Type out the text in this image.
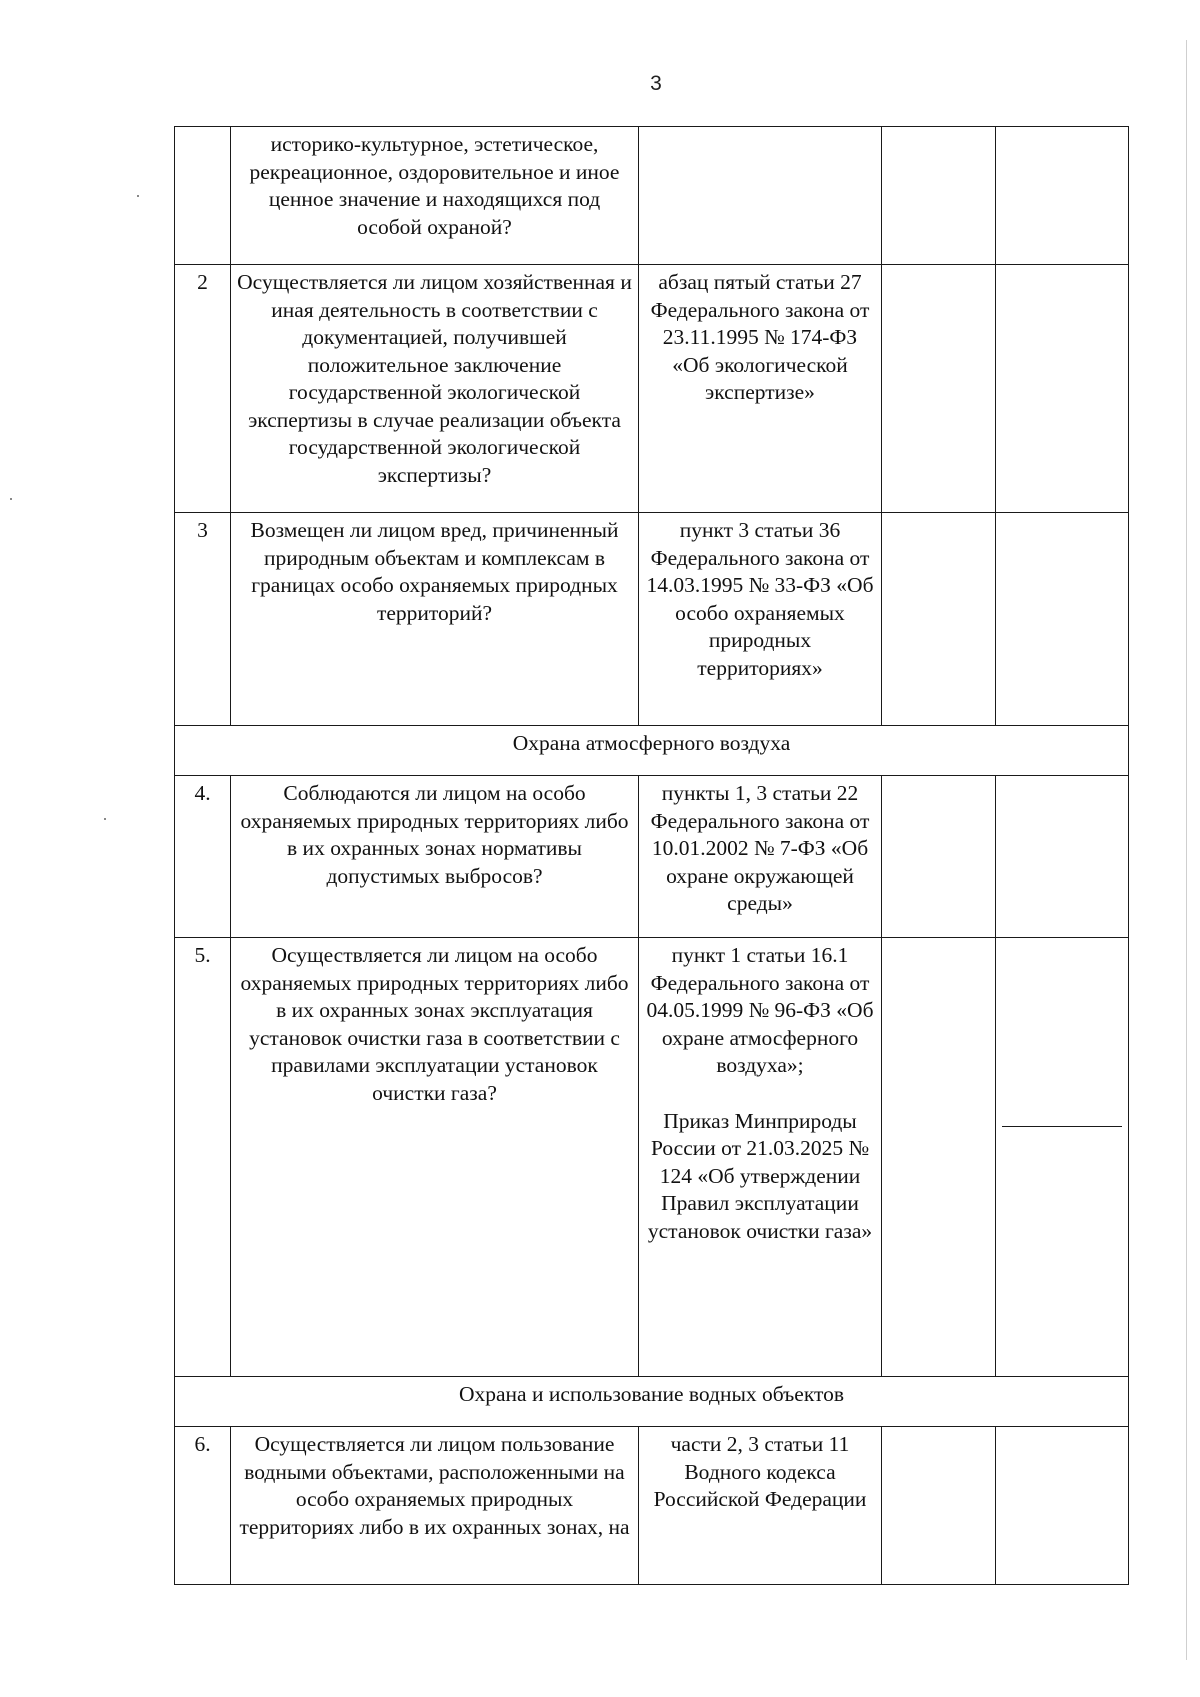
3
	историко-культурное, эстетическое, рекреационное, оздоровительное и иное ценное значение и находящихся под особой охраной?			
2	Осуществляется ли лицом хозяйственная и иная деятельность в соответствии с документацией, получившей положительное заключение государственной экологической экспертизы в случае реализации объекта государственной экологической экспертизы?	абзац пятый статьи 27 Федерального закона от 23.11.1995 № 174-ФЗ «Об экологической экспертизе»		
3	Возмещен ли лицом вред, причиненный природным объектам и комплексам в границах особо охраняемых природных территорий?	пункт 3 статьи 36 Федерального закона от 14.03.1995 № 33-ФЗ «Об особо охраняемых природных территориях»		
Охрана атмосферного воздуха				
4.	Соблюдаются ли лицом на особо охраняемых природных территориях либо в их охранных зонах нормативы допустимых выбросов?	пункты 1, 3 статьи 22 Федерального закона от 10.01.2002 № 7-ФЗ «Об охране окружающей среды»		
5.	Осуществляется ли лицом на особо охраняемых природных территориях либо в их охранных зонах эксплуатация установок очистки газа в соответствии с правилами эксплуатации установок очистки газа?	пункт 1 статьи 16.1 Федерального закона от 04.05.1999 № 96-ФЗ «Об охране атмосферного воздуха»;
Приказ Минприроды России от 21.03.2025 № 124 «Об утверждении Правил эксплуатации установок очистки газа»		

Охрана и использование водных объектов				
6.	Осуществляется ли лицом пользование водными объектами, расположенными на особо охраняемых природных территориях либо в их охранных зонах, на	части 2, 3 статьи 11 Водного кодекса Российской Федерации		
